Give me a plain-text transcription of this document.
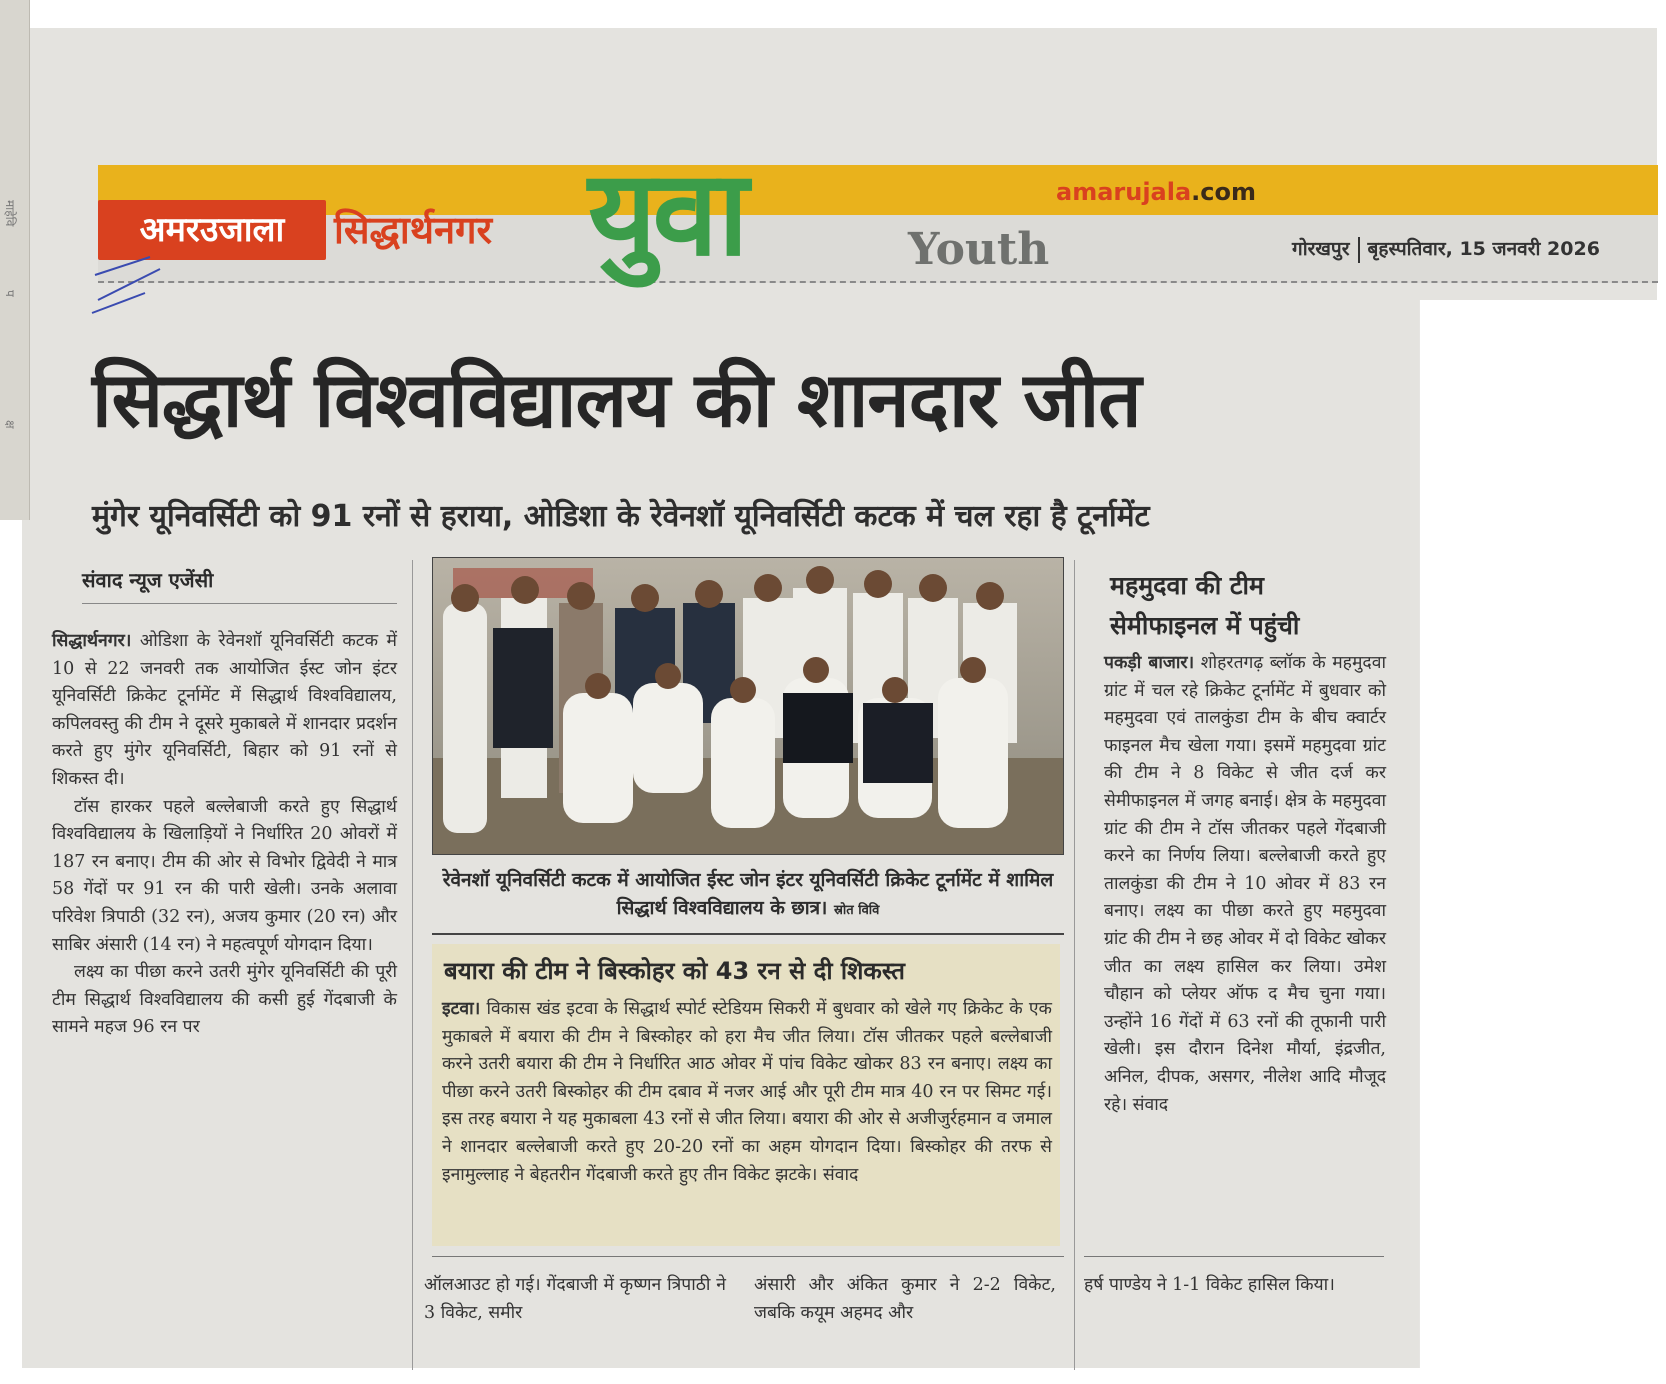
माहेवि
प
क्ष
अमरउजाला	सिद्धार्थनगर युवा	Youth
amarujala.com
गोरखपुर बृहस्पतिवार, 15 जनवरी 2026
सिद्धार्थ विश्वविद्यालय की शानदार जीत
मुंगेर यूनिवर्सिटी को 91 रनों से हराया, ओडिशा के रेवेनशॉ यूनिवर्सिटी कटक में चल रहा है टूर्नामेंट
संवाद न्यूज एजेंसी

सिद्धार्थनगर। ओडिशा के रेवेनशॉ यूनिवर्सिटी कटक में 10 से 22 जनवरी तक आयोजित ईस्ट जोन इंटर यूनिवर्सिटी क्रिकेट टूर्नामेंट में सिद्धार्थ विश्वविद्यालय, कपिलवस्तु की टीम ने दूसरे मुकाबले में शानदार प्रदर्शन करते हुए मुंगेर यूनिवर्सिटी, बिहार को 91 रनों से शिकस्त दी।

टॉस हारकर पहले बल्लेबाजी करते हुए सिद्धार्थ विश्वविद्यालय के खिलाड़ियों ने निर्धारित 20 ओवरों में 187 रन बनाए। टीम की ओर से विभोर द्विवेदी ने मात्र 58 गेंदों पर 91 रन की पारी खेली। उनके अलावा परिवेश त्रिपाठी (32 रन), अजय कुमार (20 रन) और साबिर अंसारी (14 रन) ने महत्वपूर्ण योगदान दिया।

लक्ष्य का पीछा करने उतरी मुंगेर यूनिवर्सिटी की पूरी टीम सिद्धार्थ विश्वविद्यालय की कसी हुई गेंदबाजी के सामने महज 96 रन पर

रेवेनशॉ यूनिवर्सिटी कटक में आयोजित ईस्ट जोन इंटर यूनिवर्सिटी क्रिकेट टूर्नामेंट में शामिल सिद्धार्थ विश्वविद्यालय के छात्र। स्रोत विवि
बयारा की टीम ने बिस्कोहर को 43 रन से दी शिकस्त
इटवा। विकास खंड इटवा के सिद्धार्थ स्पोर्ट स्टेडियम सिकरी में बुधवार को खेले गए क्रिकेट के एक मुकाबले में बयारा की टीम ने बिस्कोहर को हरा मैच जीत लिया। टॉस जीतकर पहले बल्लेबाजी करने उतरी बयारा की टीम ने निर्धारित आठ ओवर में पांच विकेट खोकर 83 रन बनाए। लक्ष्य का पीछा करने उतरी बिस्कोहर की टीम दबाव में नजर आई और पूरी टीम मात्र 40 रन पर सिमट गई। इस तरह बयारा ने यह मुकाबला 43 रनों से जीत लिया। बयारा की ओर से अजीजुर्रहमान व जमाल ने शानदार बल्लेबाजी करते हुए 20-20 रनों का अहम योगदान दिया। बिस्कोहर की तरफ से इनामुल्लाह ने बेहतरीन गेंदबाजी करते हुए तीन विकेट झटके। संवाद
ऑलआउट हो गई। गेंदबाजी में कृष्णन त्रिपाठी ने 3 विकेट, समीर
अंसारी और अंकित कुमार ने 2-2 विकेट, जबकि कयूम अहमद और
हर्ष पाण्डेय ने 1-1 विकेट हासिल किया।
महमुदवा की टीम
सेमीफाइनल में पहुंची
पकड़ी बाजार। शोहरतगढ़ ब्लॉक के महमुदवा ग्रांट में चल रहे क्रिकेट टूर्नामेंट में बुधवार को महमुदवा एवं तालकुंडा टीम के बीच क्वार्टर फाइनल मैच खेला गया। इसमें महमुदवा ग्रांट की टीम ने 8 विकेट से जीत दर्ज कर सेमीफाइनल में जगह बनाई। क्षेत्र के महमुदवा ग्रांट की टीम ने टॉस जीतकर पहले गेंदबाजी करने का निर्णय लिया। बल्लेबाजी करते हुए तालकुंडा की टीम ने 10 ओवर में 83 रन बनाए। लक्ष्य का पीछा करते हुए महमुदवा ग्रांट की टीम ने छह ओवर में दो विकेट खोकर जीत का लक्ष्य हासिल कर लिया। उमेश चौहान को प्लेयर ऑफ द मैच चुना गया। उन्होंने 16 गेंदों में 63 रनों की तूफानी पारी खेली। इस दौरान दिनेश मौर्या, इंद्रजीत, अनिल, दीपक, असगर, नीलेश आदि मौजूद रहे। संवाद
